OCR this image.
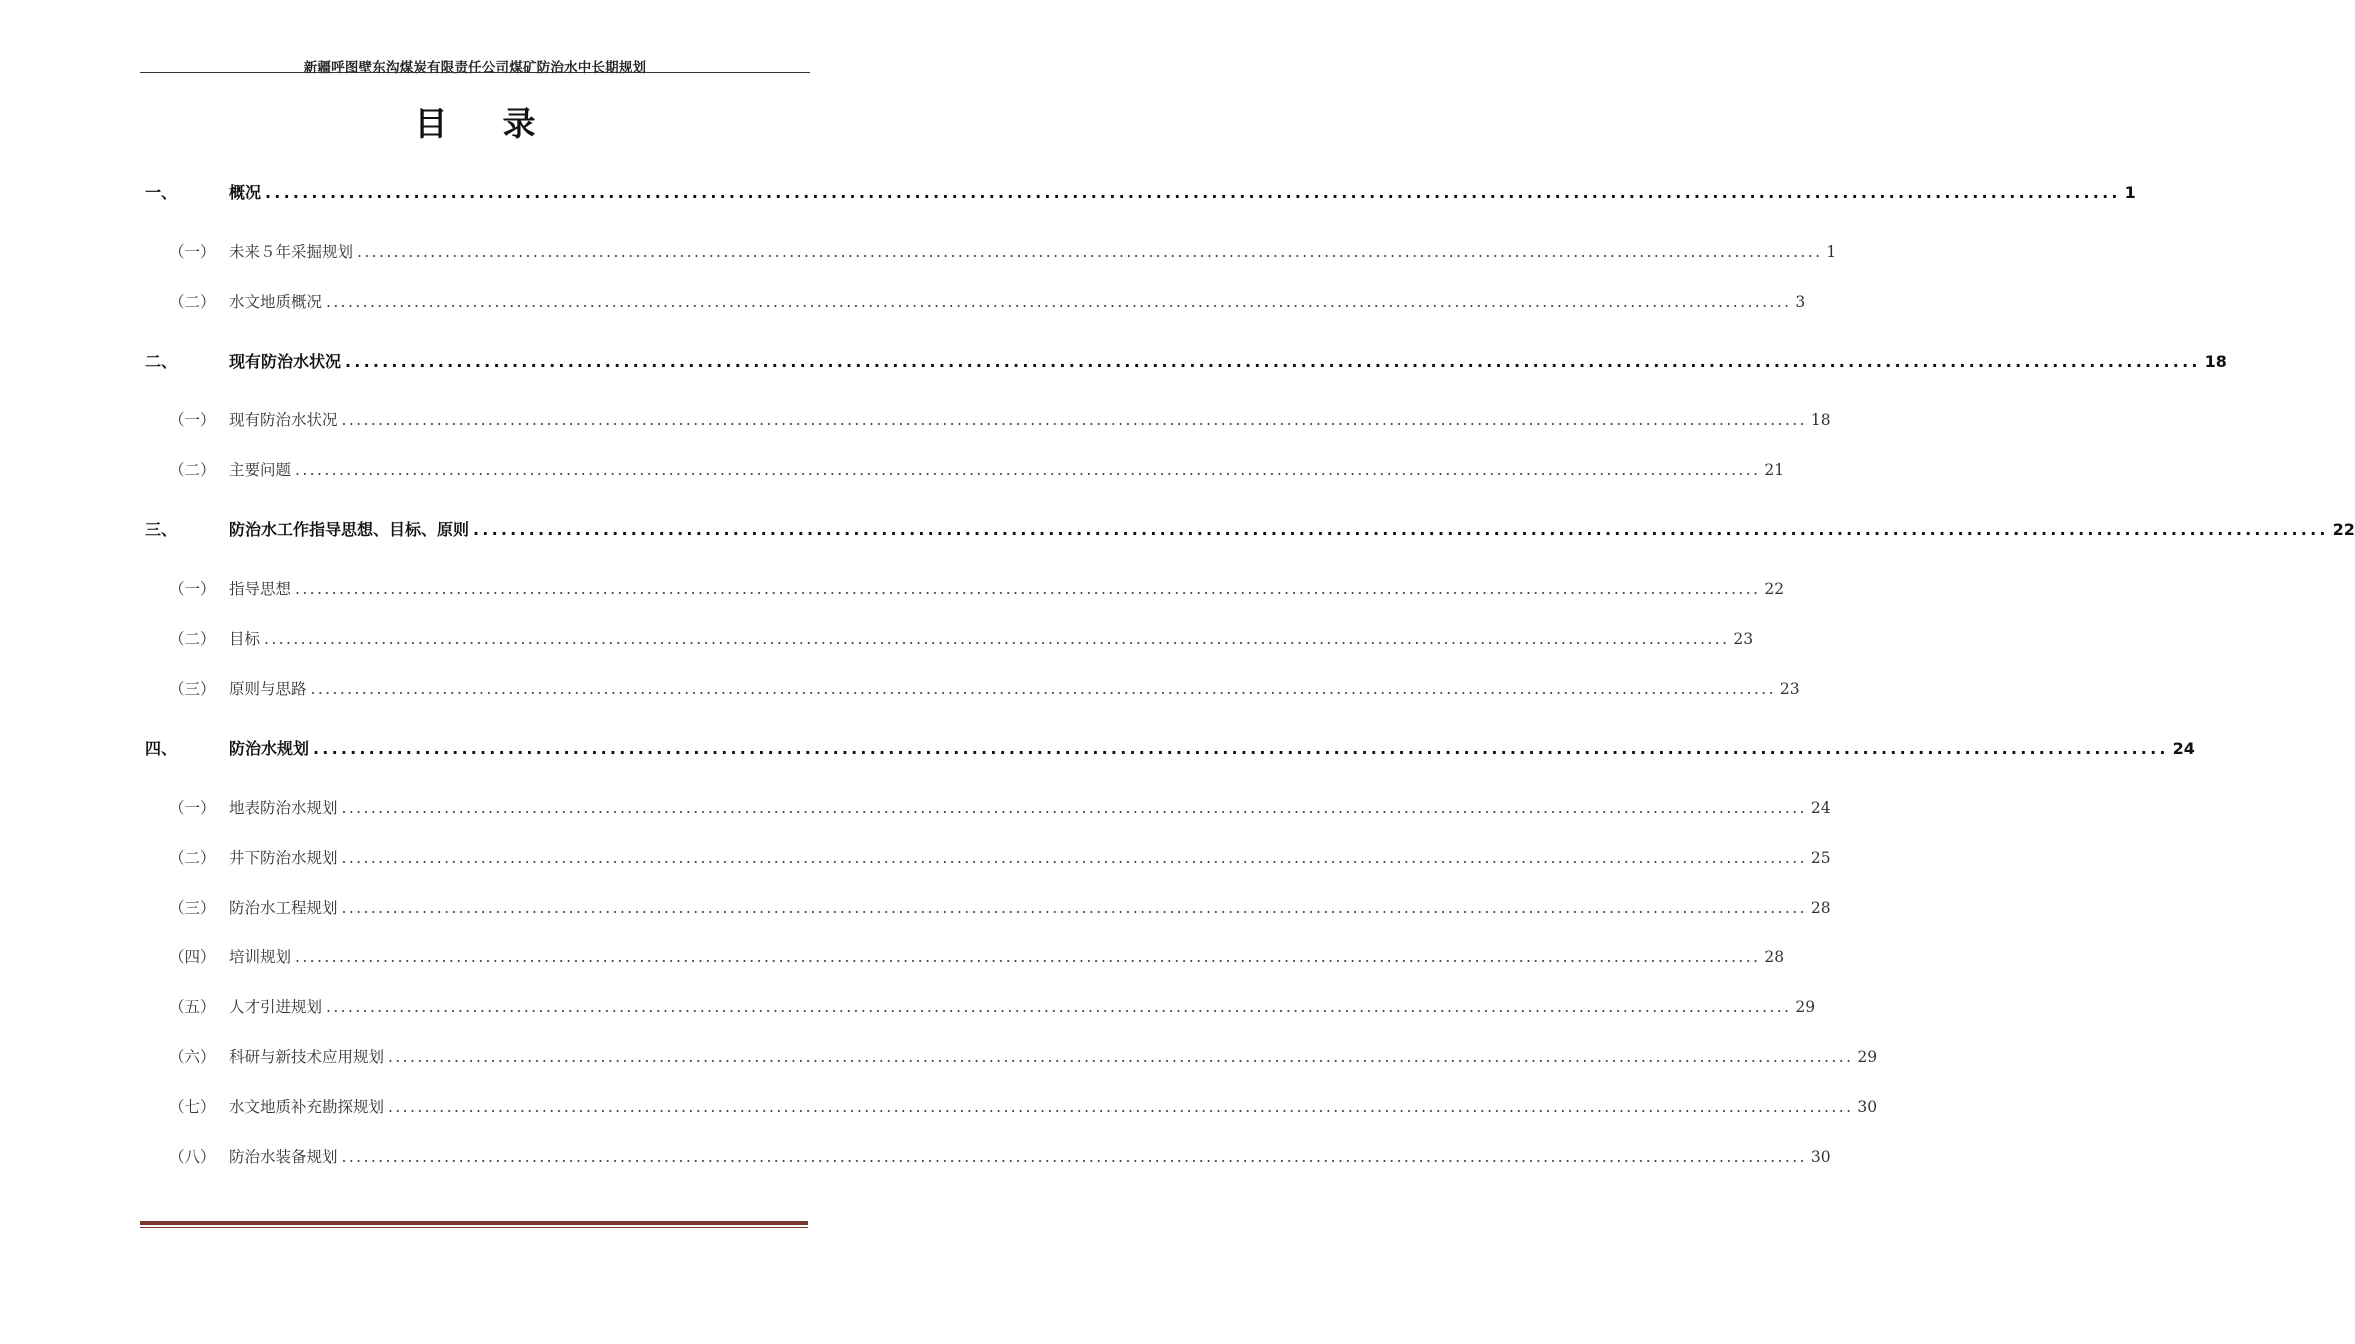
新疆呼图壁东沟煤炭有限责任公司煤矿防治水中长期规划
目录
一、	概况 ........................................................................................................................................................................................................ 1
（一） 未来５年采掘规划 ........................................................................................................................................................................................................ 1
（二） 水文地质概况 ........................................................................................................................................................................................................ 3
二、	现有防治水状况 ........................................................................................................................................................................................................ 18
（一） 现有防治水状况 ........................................................................................................................................................................................................ 18
（二） 主要问题 ........................................................................................................................................................................................................ 21
三、	防治水工作指导思想、目标、原则 ........................................................................................................................................................................................................ 22
（一） 指导思想 ........................................................................................................................................................................................................ 22
（二） 目标 ........................................................................................................................................................................................................ 23
（三） 原则与思路 ........................................................................................................................................................................................................ 23
四、	防治水规划 ........................................................................................................................................................................................................ 24
（一） 地表防治水规划 ........................................................................................................................................................................................................ 24
（二） 井下防治水规划 ........................................................................................................................................................................................................ 25
（三） 防治水工程规划 ........................................................................................................................................................................................................ 28
（四） 培训规划 ........................................................................................................................................................................................................ 28
（五） 人才引进规划 ........................................................................................................................................................................................................ 29
（六） 科研与新技术应用规划 ........................................................................................................................................................................................................ 29
（七） 水文地质补充勘探规划 ........................................................................................................................................................................................................ 30
（八） 防治水装备规划 ........................................................................................................................................................................................................ 30
